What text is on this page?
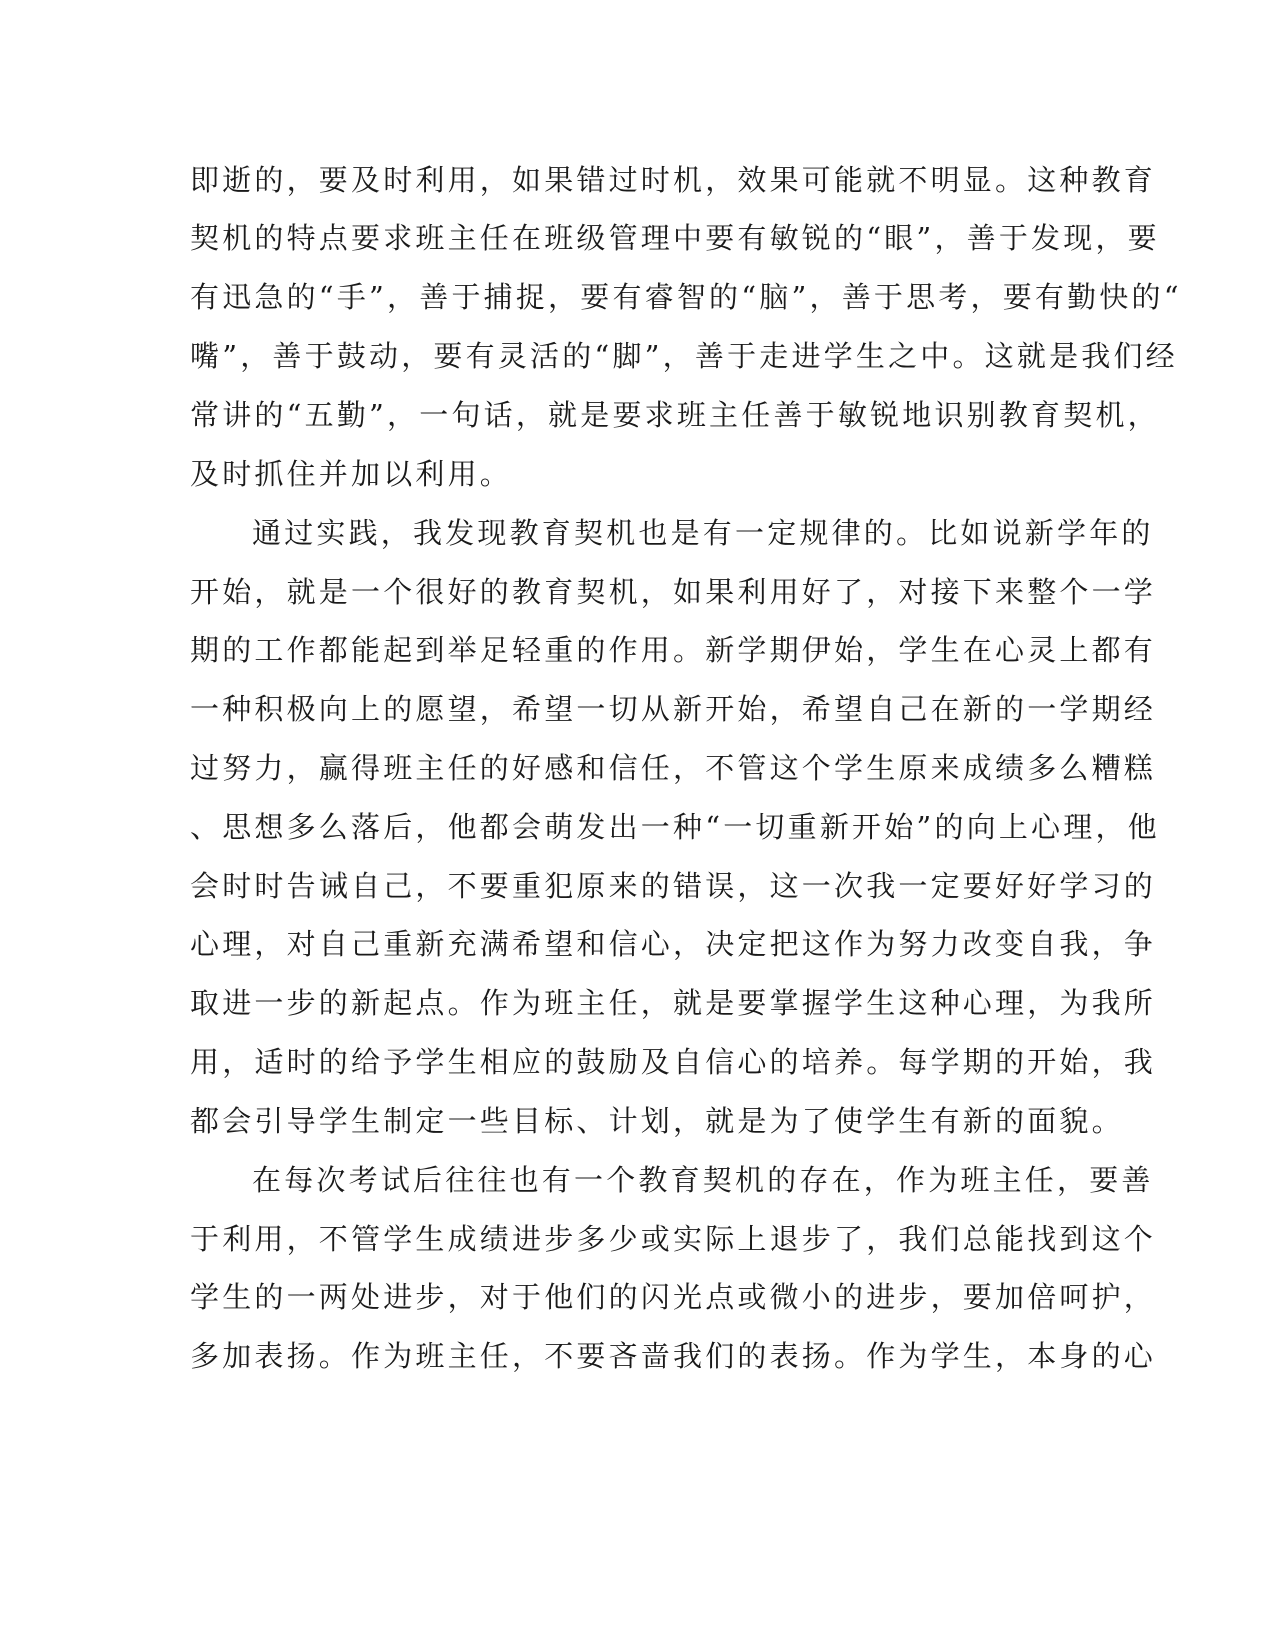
即逝的，要及时利用，如果错过时机，效果可能就不明显。这种教育
契机的特点要求班主任在班级管理中要有敏锐的“眼”，善于发现，要
有迅急的“手”，善于捕捉，要有睿智的“脑”，善于思考，要有勤快的“
嘴”，善于鼓动，要有灵活的“脚”，善于走进学生之中。这就是我们经
常讲的“五勤”，一句话，就是要求班主任善于敏锐地识别教育契机，
及时抓住并加以利用。
通过实践，我发现教育契机也是有一定规律的。比如说新学年的
开始，就是一个很好的教育契机，如果利用好了，对接下来整个一学
期的工作都能起到举足轻重的作用。新学期伊始，学生在心灵上都有
一种积极向上的愿望，希望一切从新开始，希望自己在新的一学期经
过努力，赢得班主任的好感和信任，不管这个学生原来成绩多么糟糕
、思想多么落后，他都会萌发出一种“一切重新开始”的向上心理，他
会时时告诫自己，不要重犯原来的错误，这一次我一定要好好学习的
心理，对自己重新充满希望和信心，决定把这作为努力改变自我，争
取进一步的新起点。作为班主任，就是要掌握学生这种心理，为我所
用，适时的给予学生相应的鼓励及自信心的培养。每学期的开始，我
都会引导学生制定一些目标、计划，就是为了使学生有新的面貌。
在每次考试后往往也有一个教育契机的存在，作为班主任，要善
于利用，不管学生成绩进步多少或实际上退步了，我们总能找到这个
学生的一两处进步，对于他们的闪光点或微小的进步，要加倍呵护，
多加表扬。作为班主任，不要吝啬我们的表扬。作为学生，本身的心
